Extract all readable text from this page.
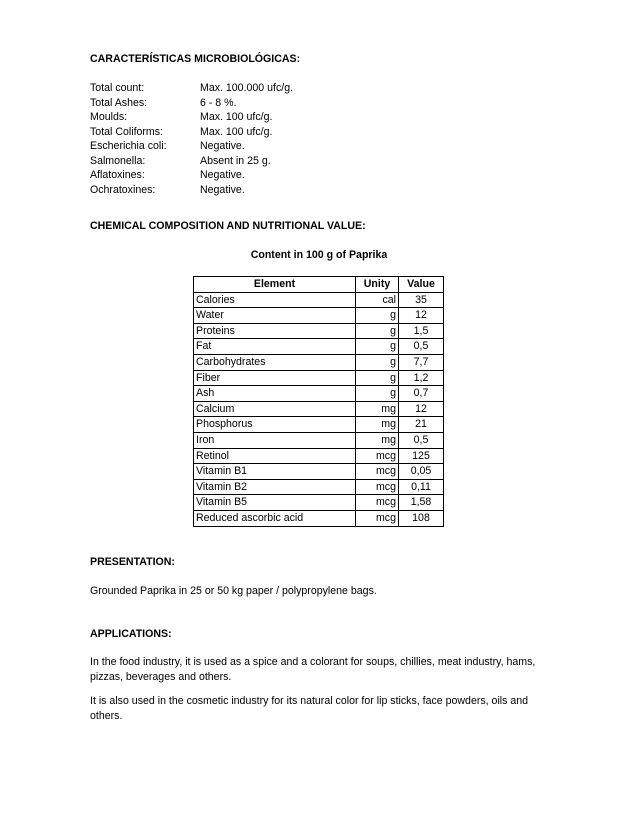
CARACTERÍSTICAS MICROBIOLÓGICAS:
Total count:	Max. 100.000 ufc/g.
Total Ashes:	6 - 8 %.
Moulds:	Max. 100 ufc/g.
Total Coliforms:	Max. 100 ufc/g.
Escherichia coli:	Negative.
Salmonella:	Absent in 25 g.
Aflatoxines:	Negative.
Ochratoxines:	Negative.
CHEMICAL COMPOSITION AND NUTRITIONAL VALUE:
Content in 100 g of Paprika
Element	Unity	Value
Calories	cal	35
Water	g	12
Proteins	g	1,5
Fat	g	0,5
Carbohydrates	g	7,7
Fiber	g	1,2
Ash	g	0,7
Calcium	mg	12
Phosphorus	mg	21
Iron	mg	0,5
Retinol	mcg	125
Vitamin B1	mcg	0,05
Vitamin B2	mcg	0,11
Vitamin B5	mcg	1,58
Reduced ascorbic acid	mcg	108
PRESENTATION:
Grounded Paprika in 25 or 50 kg paper / polypropylene bags.
APPLICATIONS:

In the food industry, it is used as a spice and a colorant for soups, chillies, meat industry, hams, pizzas, beverages and others.

It is also used in the cosmetic industry for its natural color for lip sticks, face powders, oils and others.
